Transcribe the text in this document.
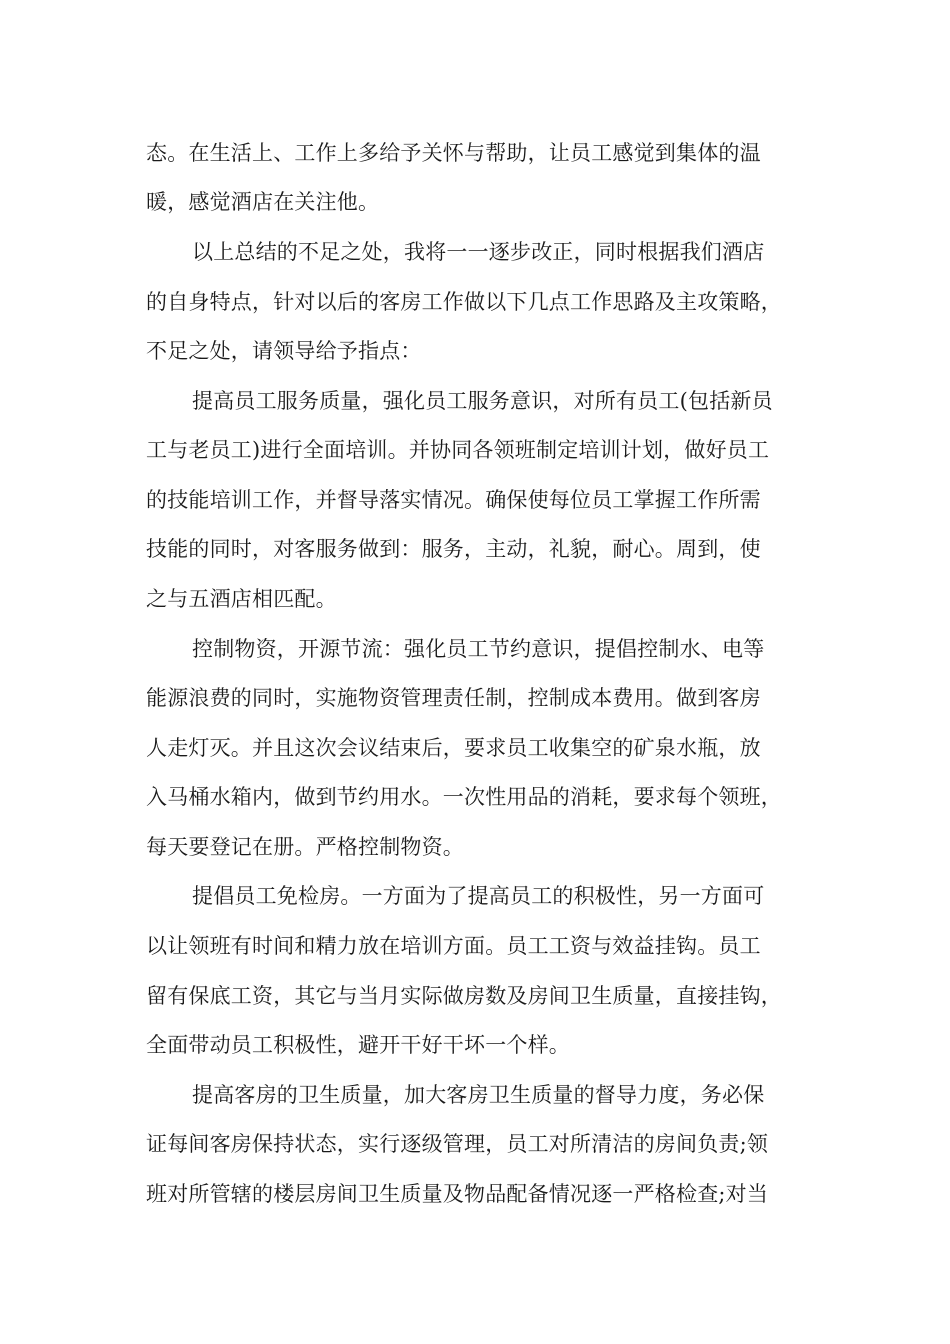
态。在生活上、工作上多给予关怀与帮助，让员工感觉到集体的温
暖，感觉酒店在关注他。
以上总结的不足之处，我将一一逐步改正，同时根据我们酒店
的自身特点，针对以后的客房工作做以下几点工作思路及主攻策略，
不足之处，请领导给予指点：
提高员工服务质量，强化员工服务意识，对所有员工(包括新员
工与老员工)进行全面培训。并协同各领班制定培训计划，做好员工
的技能培训工作，并督导落实情况。确保使每位员工掌握工作所需
技能的同时，对客服务做到：服务，主动，礼貌，耐心。周到，使
之与五酒店相匹配。
控制物资，开源节流：强化员工节约意识，提倡控制水、电等
能源浪费的同时，实施物资管理责任制，控制成本费用。做到客房
人走灯灭。并且这次会议结束后，要求员工收集空的矿泉水瓶，放
入马桶水箱内，做到节约用水。一次性用品的消耗，要求每个领班，
每天要登记在册。严格控制物资。
提倡员工免检房。一方面为了提高员工的积极性，另一方面可
以让领班有时间和精力放在培训方面。员工工资与效益挂钩。员工
留有保底工资，其它与当月实际做房数及房间卫生质量，直接挂钩，
全面带动员工积极性，避开干好干坏一个样。
提高客房的卫生质量，加大客房卫生质量的督导力度，务必保
证每间客房保持状态，实行逐级管理，员工对所清洁的房间负责;领
班对所管辖的楼层房间卫生质量及物品配备情况逐一严格检查;对当
